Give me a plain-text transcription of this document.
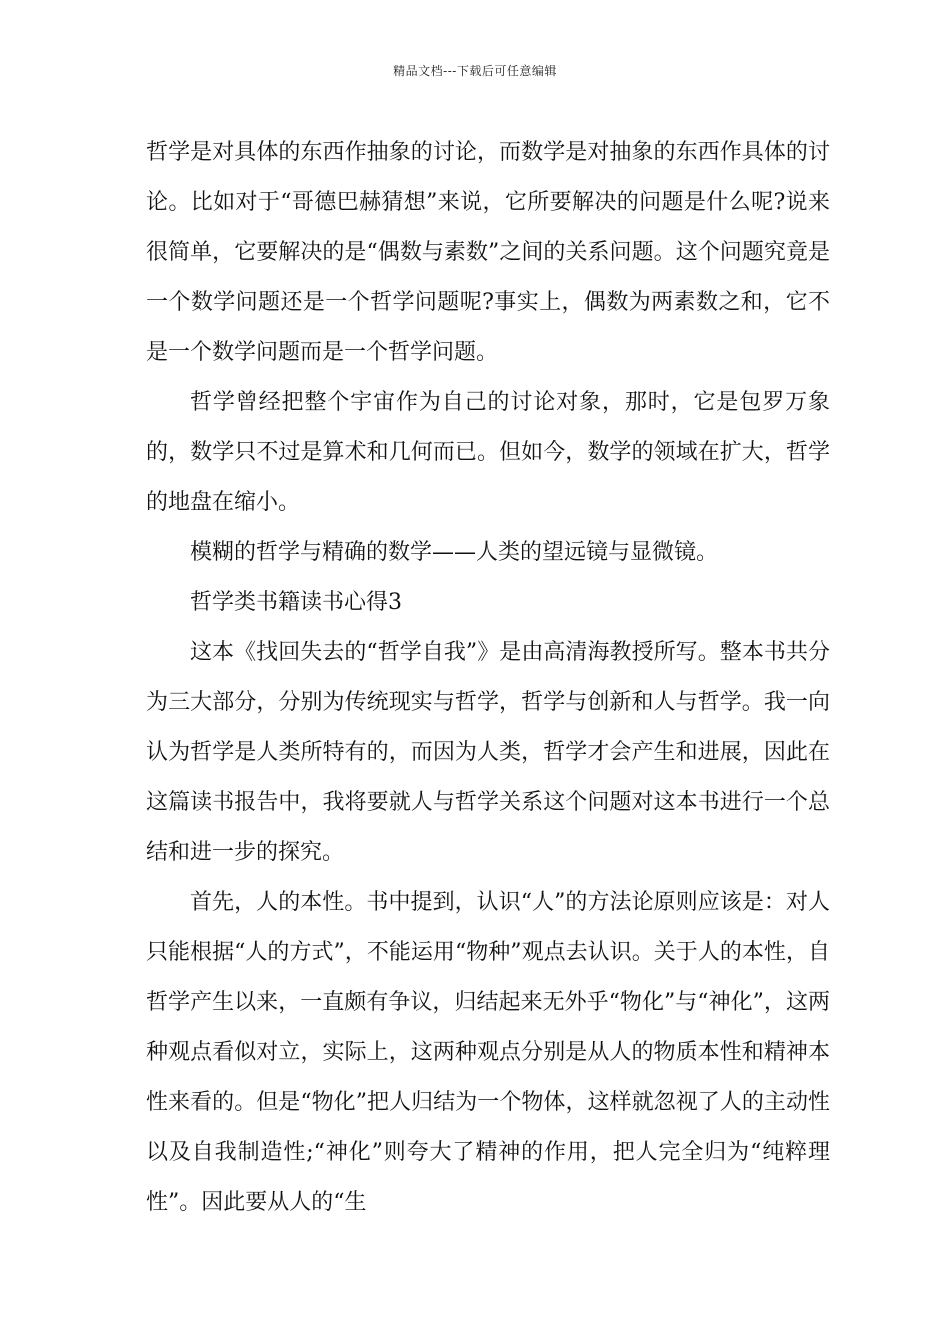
精品文档---下载后可任意编辑

哲学是对具体的东西作抽象的讨论，而数学是对抽象的东西作具体的讨论。比如对于“哥德巴赫猜想”来说，它所要解决的问题是什么呢?说来很简单，它要解决的是“偶数与素数”之间的关系问题。这个问题究竟是一个数学问题还是一个哲学问题呢?事实上，偶数为两素数之和，它不是一个数学问题而是一个哲学问题。

哲学曾经把整个宇宙作为自己的讨论对象，那时，它是包罗万象的，数学只不过是算术和几何而已。但如今，数学的领域在扩大，哲学的地盘在缩小。

模糊的哲学与精确的数学——人类的望远镜与显微镜。

哲学类书籍读书心得3

这本《找回失去的“哲学自我”》是由高清海教授所写。整本书共分为三大部分，分别为传统现实与哲学，哲学与创新和人与哲学。我一向认为哲学是人类所特有的，而因为人类，哲学才会产生和进展，因此在这篇读书报告中，我将要就人与哲学关系这个问题对这本书进行一个总结和进一步的探究。

首先，人的本性。书中提到，认识“人”的方法论原则应该是：对人只能根据“人的方式”，不能运用“物种”观点去认识。关于人的本性，自哲学产生以来，一直颇有争议，归结起来无外乎“物化”与“神化”，这两种观点看似对立，实际上，这两种观点分别是从人的物质本性和精神本性来看的。但是“物化”把人归结为一个物体，这样就忽视了人的主动性以及自我制造性;“神化”则夸大了精神的作用，把人完全归为“纯粹理性”。因此要从人的“生
